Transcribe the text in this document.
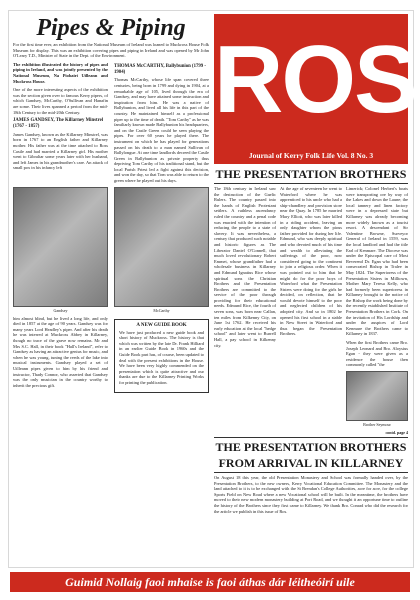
Pipes & Piping

For the first time ever, an exhibition from the National Museum of Ireland was loaned to Muckross House Folk Museum for display. This was an exhibition covering pipes and piping in Ireland and was opened by Mr John O'Leary T.D., Minister of State in the Dept. of the Environment.

The exhibition illustrated the history of pipes and piping in Ireland, and was jointly presented by the National Museum, Na Piobairi Uilleann and Muckross House.

One of the more interesting aspects of the exhibition was the section given over to famous Kerry pipers, of which Gandsey, McCarthy, O'Sullivan and Hanafin are some. Their lives spanned a period from the mid-18th Century to the mid-20th Century.

JAMES GANDSEY, The Killarney Minstrel (1767 - 1857)

James Gandsey, known as the Killarney Minstrel, was born in 1767 to an English father and Killarney mother. His father was at the time attached to Ross Castle and had married a Killarney girl. His mother went to Gibraltar some years later with her husband, and left James in his grandmother's care. An attack of small pox in his infancy left

THOMAS McCARTHY, Ballybunion (1799 - 1904)

Thomas McCarthy, whose life span covered three centuries, being born in 1799 and dying in 1904, at a remarkable age of 105, lived through the era of Gandsey, and may have attained some instruction and inspiration from him. He was a native of Ballybunion, and lived all his life in this part of the country. He maintained himself as a professional piper up to the time of death. "Tom Carthy" as he was familiarly known made Ballybunion his headquarters, and on the Castle Green could be seen playing the pipes. For over 60 years he played there. The instrument on which he has played for generations passed on his death to a man named Sullivan of Ballylongue. At one time landlords decreed the Castle Green in Ballybunion as private property thus depriving Tom Carthy of his traditional stand, but the local Parish Priest led a fight against this decision, and won the day, so that Tom was able to return to the green where he played out his days.

Gandsey	McCarthy

him almost blind, but he lived a long life, and only died in 1857 at the age of 90 years. Gandsey was for many years Lord Headley's piper. And after his death he was interred at Muckross Abbey in Killarney, though no trace of the grave now remains. Mr and Mrs S.C. Hall, in their book "Hall's Ireland", refer to Gandsey as having an attractive genius for music, and when he was young, tuning the reeds of the lake into musical instruments. Gandsey played a set of Uilleann pipes given to him by his friend and instructor, Thady Connor, who asserted that Gandsey was the only musician in the country worthy to inherit the precious gift.

A NEW GUIDE BOOK

We have just produced a new guide book and short history of Muckross. The history is that which was written by the late Dr. Frank Hilliard in an earlier Guide Book in 1960s and the Guide Book part has, of course, been updated to deal with the present exhibitions in the House. We have been very highly commended on the presentation which is quite attractive and our thanks are due to the Killarney Printing Works for printing the publication.

ROS
Journal of Kerry Folk Life Vol. 8 No. 3
THE PRESENTATION BROTHERS

The 18th century in Ireland saw the destruction of the Gaelic Rulers. The country passed into the hands of English Protestant settlers. A ruthless ascendancy ruled the country and a penal code was enacted with the intention of reducing the people to a state of slavery. It was nevertheless, a century that produced such notable and historic figures as The Liberator Daniel O'Connell, that much loved revolutionary Robert Emmet, whose grandfather had a wholesale business in Killarney and Edmund Ignatius Rice whose spiritual sons the Christian Brothers and the Presentation Brothers are committed to the service of the poor through providing for their educational needs. Edmund Rice, the fourth of seven sons, was born near Callan, ten miles from Kilkenny City, on June 1st 1762. He received his early education at the local "hedge school" and later went to Burrell Hall, a pay school in Kilkenny city.

At the age of seventeen he went to Waterford where he was apprenticed to his uncle who had a ship-chandlery and provision store near the Quay. In 1785 he married Mary Elliott, who was later killed in a riding accident, leaving an only daughter whom the pious father provided for during her life. Edmund, who was deeply spiritual and who devoted much of his time and wealth to alleviating the sufferings of the poor, now considered going to the continent to join a religious order. When it was pointed out to him that he might do for the poor boys of Waterford what the Presentation Sisters were doing for the girls he decided, on reflection, that he would devote himself to the poor and neglected children of his adopted city. And so in 1802 he opened his first school in a stable in New Street in Waterford and thus began the Presentation Brothers.

Limerick; Colonel Herbert's boats were transporting ore by way of the Lakes and down the Laune; the local tannery and linen factory were in a depressed state but Killarney was already becoming more widely known as a tourist resort. A descendant of Sir Valentine Browne, Surveyor General of Ireland in 1559, was the local landlord and had the title Earl of Kenmare. The Diocese was under the Episcopal care of Most Reverend Dr. Egan who had been consecrated Bishop in Tralee in May 1824. The Superioress of the Presentation Sisters in Milltown, Mother Mary Teresa Kelly, who had formerly been superioress in Killarney brought to the notice of the Bishop the work being done by the recently established Institute of Presentation Brothers in Cork. On the invitation of His Lordship and under the auspices of Lord Kenmare the Brothers came to Killarney in 1837.

When the first Brothers came Bro. Joseph Leonard and Bro. Aloysius Egan - they were given as a residence the house then commonly called "the

Brother Seymour
contd. page 4
THE PRESENTATION BROTHERS
FROM ARRIVAL IN KILLARNEY

On August 18 this year, the old Presentation Monastery and School was formally handed over, by the Presentation Brothers, to the new owners, Kerry Vocational Education Committee. The Monastery and the land attached to it is to be exchanged with the St Brendan's College Authorities, acre for acre, for the college Sports Field on New Road where a new Vocational school will be built. In the meantime, the brothers have moved to their new modern monastery building at Port Road, and we thought it an opportune time to outline the history of the Brothers since they first came to Killarney. We thank Bro. Conrad who did the research for the article we publish in this issue of Ros.

Guimid Nollaig faoi mhaise is faoi áthas dár léitheóirí uile
